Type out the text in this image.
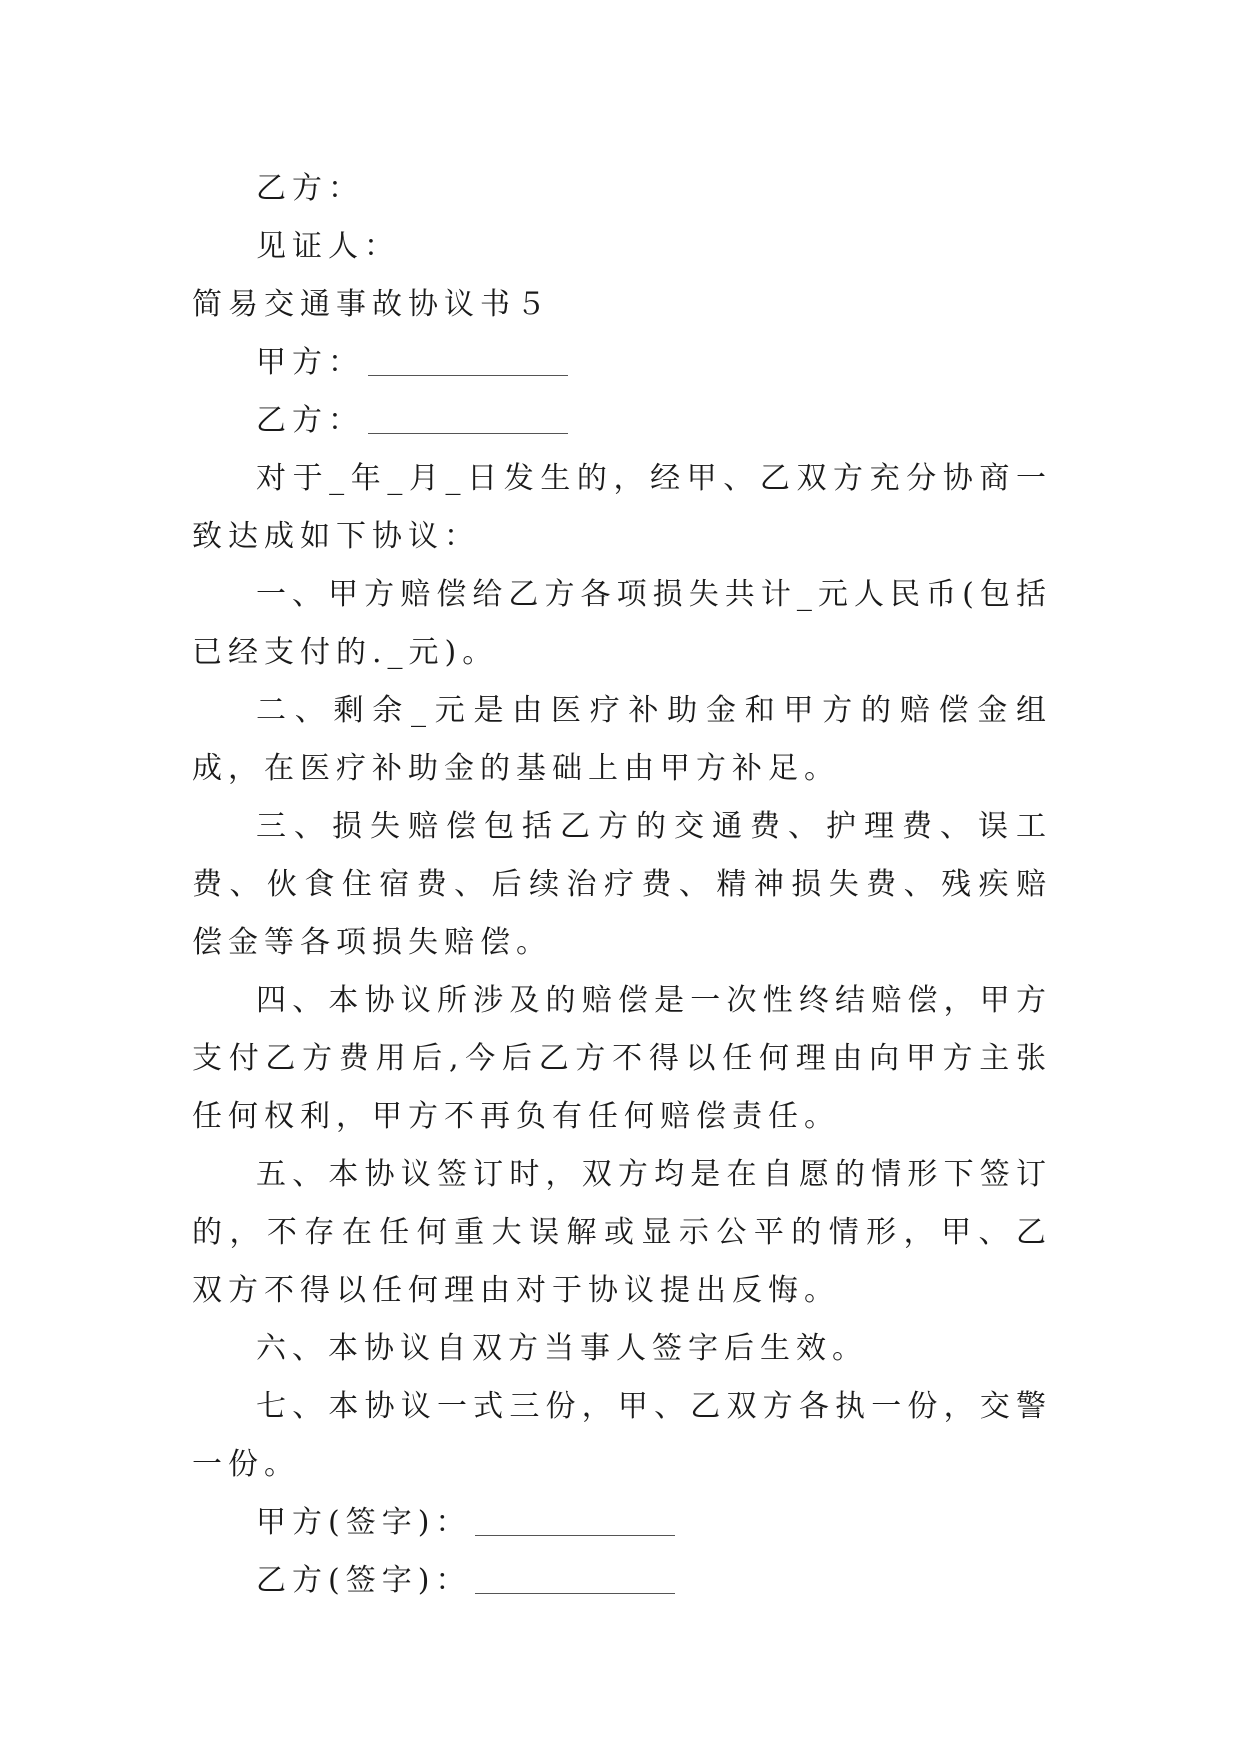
乙方：
见证人：
简易交通事故协议书５
甲方：
乙方：

对于_年_月_日发生的，经甲、乙双方充分协商一致达成如下协议：

一、甲方赔偿给乙方各项损失共计_元人民币(包括已经支付的._元)。

二、剩余_元是由医疗补助金和甲方的赔偿金组成，在医疗补助金的基础上由甲方补足。

三、损失赔偿包括乙方的交通费、护理费、误工费、伙食住宿费、后续治疗费、精神损失费、残疾赔偿金等各项损失赔偿。

四、本协议所涉及的赔偿是一次性终结赔偿，甲方支付乙方费用后,今后乙方不得以任何理由向甲方主张任何权利，甲方不再负有任何赔偿责任。

五、本协议签订时，双方均是在自愿的情形下签订的，不存在任何重大误解或显示公平的情形，甲、乙双方不得以任何理由对于协议提出反悔。

六、本协议自双方当事人签字后生效。

七、本协议一式三份，甲、乙双方各执一份，交警一份。

甲方(签字)：
乙方(签字)：
